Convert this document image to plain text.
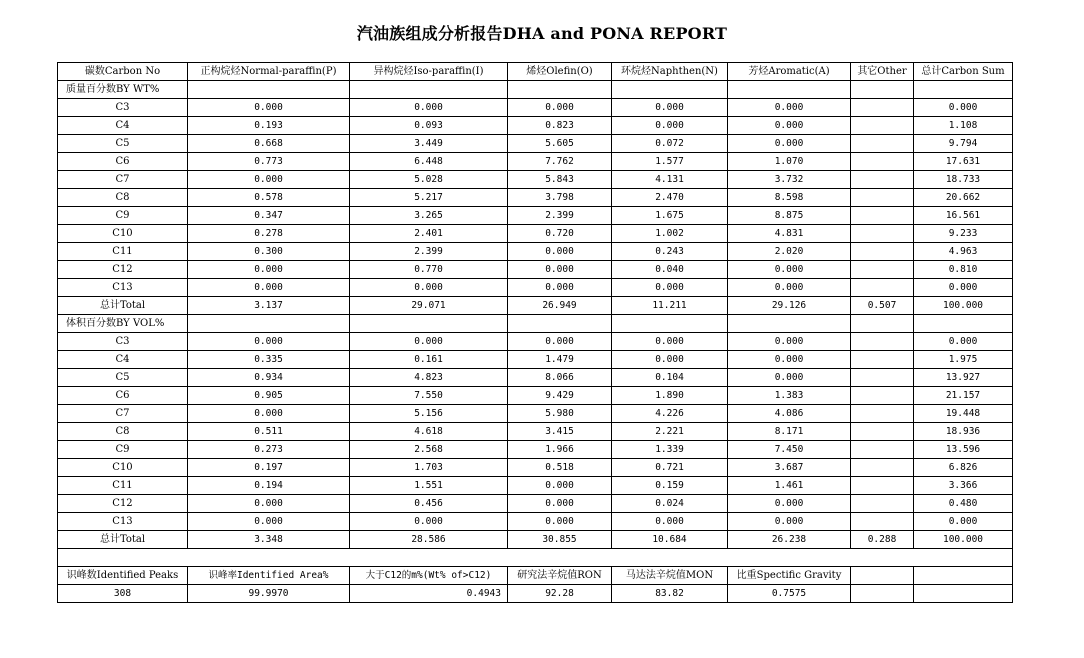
汽油族组成分析报告DHA and PONA REPORT
碳数Carbon No	正构烷烃Normal-paraffin(P)	异构烷烃Iso-paraffin(I)	烯烃Olefin(O)	环烷烃Naphthen(N)	芳烃Aromatic(A)	其它Other	总计Carbon Sum
质量百分数BY WT%							
C3	0.000	0.000	0.000	0.000	0.000		0.000
C4	0.193	0.093	0.823	0.000	0.000		1.108
C5	0.668	3.449	5.605	0.072	0.000		9.794
C6	0.773	6.448	7.762	1.577	1.070		17.631
C7	0.000	5.028	5.843	4.131	3.732		18.733
C8	0.578	5.217	3.798	2.470	8.598		20.662
C9	0.347	3.265	2.399	1.675	8.875		16.561
C10	0.278	2.401	0.720	1.002	4.831		9.233
C11	0.300	2.399	0.000	0.243	2.020		4.963
C12	0.000	0.770	0.000	0.040	0.000		0.810
C13	0.000	0.000	0.000	0.000	0.000		0.000
总计Total	3.137	29.071	26.949	11.211	29.126	0.507	100.000
体积百分数BY VOL%							
C3	0.000	0.000	0.000	0.000	0.000		0.000
C4	0.335	0.161	1.479	0.000	0.000		1.975
C5	0.934	4.823	8.066	0.104	0.000		13.927
C6	0.905	7.550	9.429	1.890	1.383		21.157
C7	0.000	5.156	5.980	4.226	4.086		19.448
C8	0.511	4.618	3.415	2.221	8.171		18.936
C9	0.273	2.568	1.966	1.339	7.450		13.596
C10	0.197	1.703	0.518	0.721	3.687		6.826
C11	0.194	1.551	0.000	0.159	1.461		3.366
C12	0.000	0.456	0.000	0.024	0.000		0.480
C13	0.000	0.000	0.000	0.000	0.000		0.000
总计Total	3.348	28.586	30.855	10.684	26.238	0.288	100.000

识峰数Identified Peaks	识峰率Identified Area%	大于C12的m%(Wt% of>C12)	研究法辛烷值RON	马达法辛烷值MON	比重Spectific Gravity		
308	99.9970	0.4943	92.28	83.82	0.7575		
